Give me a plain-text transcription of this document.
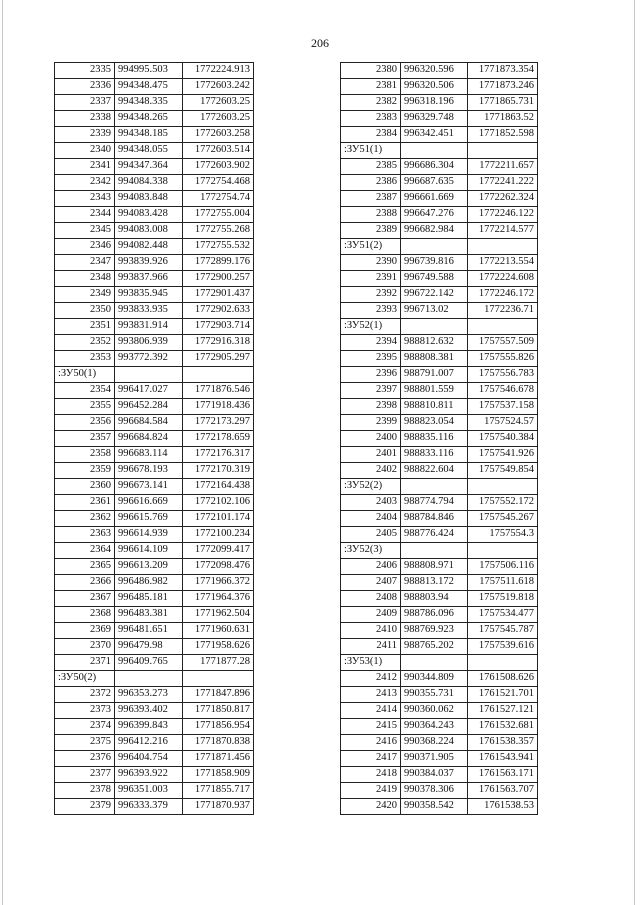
206
2335	994995.503	1772224.913
2336	994348.475	1772603.242
2337	994348.335	1772603.25
2338	994348.265	1772603.25
2339	994348.185	1772603.258
2340	994348.055	1772603.514
2341	994347.364	1772603.902
2342	994084.338	1772754.468
2343	994083.848	1772754.74
2344	994083.428	1772755.004
2345	994083.008	1772755.268
2346	994082.448	1772755.532
2347	993839.926	1772899.176
2348	993837.966	1772900.257
2349	993835.945	1772901.437
2350	993833.935	1772902.633
2351	993831.914	1772903.714
2352	993806.939	1772916.318
2353	993772.392	1772905.297
:ЗУ50(1)		
2354	996417.027	1771876.546
2355	996452.284	1771918.436
2356	996684.584	1772173.297
2357	996684.824	1772178.659
2358	996683.114	1772176.317
2359	996678.193	1772170.319
2360	996673.141	1772164.438
2361	996616.669	1772102.106
2362	996615.769	1772101.174
2363	996614.939	1772100.234
2364	996614.109	1772099.417
2365	996613.209	1772098.476
2366	996486.982	1771966.372
2367	996485.181	1771964.376
2368	996483.381	1771962.504
2369	996481.651	1771960.631
2370	996479.98	1771958.626
2371	996409.765	1771877.28
:ЗУ50(2)		
2372	996353.273	1771847.896
2373	996393.402	1771850.817
2374	996399.843	1771856.954
2375	996412.216	1771870.838
2376	996404.754	1771871.456
2377	996393.922	1771858.909
2378	996351.003	1771855.717
2379	996333.379	1771870.937
2380	996320.596	1771873.354
2381	996320.506	1771873.246
2382	996318.196	1771865.731
2383	996329.748	1771863.52
2384	996342.451	1771852.598
:ЗУ51(1)		
2385	996686.304	1772211.657
2386	996687.635	1772241.222
2387	996661.669	1772262.324
2388	996647.276	1772246.122
2389	996682.984	1772214.577
:ЗУ51(2)		
2390	996739.816	1772213.554
2391	996749.588	1772224.608
2392	996722.142	1772246.172
2393	996713.02	1772236.71
:ЗУ52(1)		
2394	988812.632	1757557.509
2395	988808.381	1757555.826
2396	988791.007	1757556.783
2397	988801.559	1757546.678
2398	988810.811	1757537.158
2399	988823.054	1757524.57
2400	988835.116	1757540.384
2401	988833.116	1757541.926
2402	988822.604	1757549.854
:ЗУ52(2)		
2403	988774.794	1757552.172
2404	988784.846	1757545.267
2405	988776.424	1757554.3
:ЗУ52(3)		
2406	988808.971	1757506.116
2407	988813.172	1757511.618
2408	988803.94	1757519.818
2409	988786.096	1757534.477
2410	988769.923	1757545.787
2411	988765.202	1757539.616
:ЗУ53(1)		
2412	990344.809	1761508.626
2413	990355.731	1761521.701
2414	990360.062	1761527.121
2415	990364.243	1761532.681
2416	990368.224	1761538.357
2417	990371.905	1761543.941
2418	990384.037	1761563.171
2419	990378.306	1761563.707
2420	990358.542	1761538.53
